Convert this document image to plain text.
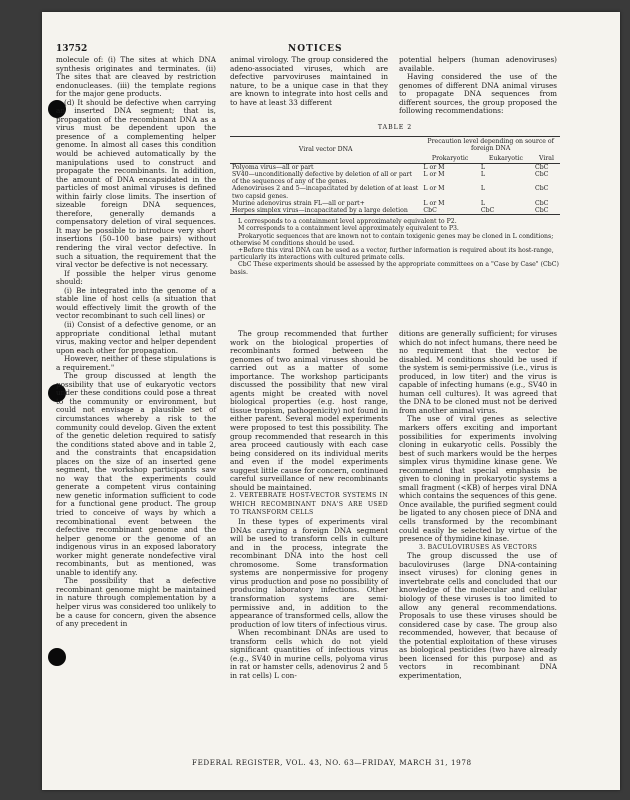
13752	NOTICES

molecule of: (i) The sites at which DNA synthesis originates and terminates. (ii) The sites that are cleaved by restriction endonucleases. (iii) the template regions for the major gene products.

(d) It should be defective when carrying an inserted DNA segment; that is, propagation of the recombinant DNA as a virus must be dependent upon the presence of a complementing helper genome. In almost all cases this condition would be achieved automatically by the manipulations used to construct and propagate the recombinants. In addition, the amount of DNA encapsidated in the particles of most animal viruses is defined within fairly close limits. The insertion of sizeable foreign DNA sequences, therefore, generally demands a compensatory deletion of viral sequences. It may be possible to introduce very short insertions (50–100 base pairs) without rendering the viral vector defective. In such a situation, the requirement that the viral vector be defective is not necessary.

If possible the helper virus genome should:

(i) Be integrated into the genome of a stable line of host cells (a situation that would effectively limit the growth of the vector recombinant to such cell lines) or

(ii) Consist of a defective genome, or an appropriate conditional lethal mutant virus, making vector and helper dependent upon each other for propagation.

However, neither of these stipulations is a requirement."

The group discussed at length the possibility that use of eukaryotic vectors under these conditions could pose a threat to the community or environment, but could not envisage a plausible set of circumstances whereby a risk to the community could develop. Given the extent of the genetic deletion required to satisfy the conditions stated above and in table 2, and the constraints that encapsidation places on the size of an inserted gene segment, the workshop participants saw no way that the experiments could generate a competent virus containing new genetic information sufficient to code for a functional gene product. The group tried to conceive of ways by which a recombinational event between the defective recombinant genome and the helper genome or the genome of an indigenous virus in an exposed laboratory worker might generate nondefective viral recombinants, but as mentioned, was unable to identify any.

The possibility that a defective recombinant genome might be maintained in nature through complementation by a helper virus was considered too unlikely to be a cause for concern, given the absence of any precedent in

animal virology. The group considered the adeno-associated viruses, which are defective parvoviruses maintained in nature, to be a unique case in that they are known to integrate into host cells and to have at least 33 different

potential helpers (human adenoviruses) available.

Having considered the use of the genomes of different DNA animal viruses to propagate DNA sequences from different sources, the group proposed the following recommendations:

TABLE 2
Viral vector DNA	Precaution level depending on source of foreign DNA		
	Prokaryotic	Eukaryotic	Viral
Polyoma virus—all or part	L or M	L	CbC
SV40—unconditionally defective by deletion of all or part of the sequences of any of the genes.	L or M	L	CbC
Adenoviruses 2 and 5—incapacitated by deletion of at least two capsid genes.	L or M	L	CbC
Murine adenovirus strain FL—all or part+	L or M	L	CbC
Herpes simplex virus—incapacitated by a large deletion	CbC	CbC	CbC

L corresponds to a containment level approximately equivalent to P2.

M corresponds to a containment level approximately equivalent to P3.

Prokaryotic sequences that are known not to contain toxigenic genes may be cloned in L conditions; otherwise M conditions should be used.

+Before this viral DNA can be used as a vector, further information is required about its host-range, particularly its interactions with cultured primate cells.

CbC These experiments should be assessed by the appropriate committees on a "Case by Case" (CbC) basis.

The group recommended that further work on the biological properties of recombinants formed between the genomes of two animal viruses should be carried out as a matter of some importance. The workshop participants discussed the possibility that new viral agents might be created with novel biological properties (e.g. host range, tissue tropism, pathogenicity) not found in either parent. Several model experiments were proposed to test this possibility. The group recommended that research in this area proceed cautiously with each case being considered on its individual merits and even if the model experiments suggest little cause for concern, continued careful surveillance of new recombinants should be maintained.

2. VERTEBRATE HOST-VECTOR SYSTEMS IN WHICH RECOMBINANT DNA'S ARE USED TO TRANSFORM CELLS

In these types of experiments viral DNAs carrying a foreign DNA segment will be used to transform cells in culture and in the process, integrate the recombinant DNA into the host cell chromosome. Some transformation systems are nonpermissive for progeny virus production and pose no possibility of producing laboratory infections. Other transformation systems are semi-permissive and, in addition to the appearance of transformed cells, allow the production of low titers of infectious virus.

When recombinant DNAs are used to transform cells which do not yield significant quantities of infectious virus (e.g., SV40 in murine cells, polyoma virus in rat or hamster cells, adenovirus 2 and 5 in rat cells) L con-

ditions are generally sufficient; for viruses which do not infect humans, there need be no requirement that the vector be disabled. M conditions should be used if the system is semi-permissive (i.e., virus is produced, in low titer) and the virus is capable of infecting humans (e.g., SV40 in human cell cultures). It was agreed that the DNA to be cloned must not be derived from another animal virus.

The use of viral genes as selective markers offers exciting and important possibilities for experiments involving cloning in eukaryotic cells. Possibly the best of such markers would be the herpes simplex virus thymidine kinase gene. We recommend that special emphasis be given to cloning in prokaryotic systems a small fragment (<KB) of herpes viral DNA which contains the sequences of this gene. Once available, the purified segment could be ligated to any chosen piece of DNA and cells transformed by the recombinant could easily be selected by virtue of the presence of thymidine kinase.

3. BACULOVIRUSES AS VECTORS

The group discussed the use of baculoviruses (large DNA-containing insect viruses) for cloning genes in invertebrate cells and concluded that our knowledge of the molecular and cellular biology of these viruses is too limited to allow any general recommendations. Proposals to use these viruses should be considered case by case. The group also recommended, however, that because of the potential exploitation of these viruses as biological pesticides (two have already been licensed for this purpose) and as vectors in recombinant DNA experimentation,

FEDERAL REGISTER, VOL. 43, NO. 63—FRIDAY, MARCH 31, 1978
